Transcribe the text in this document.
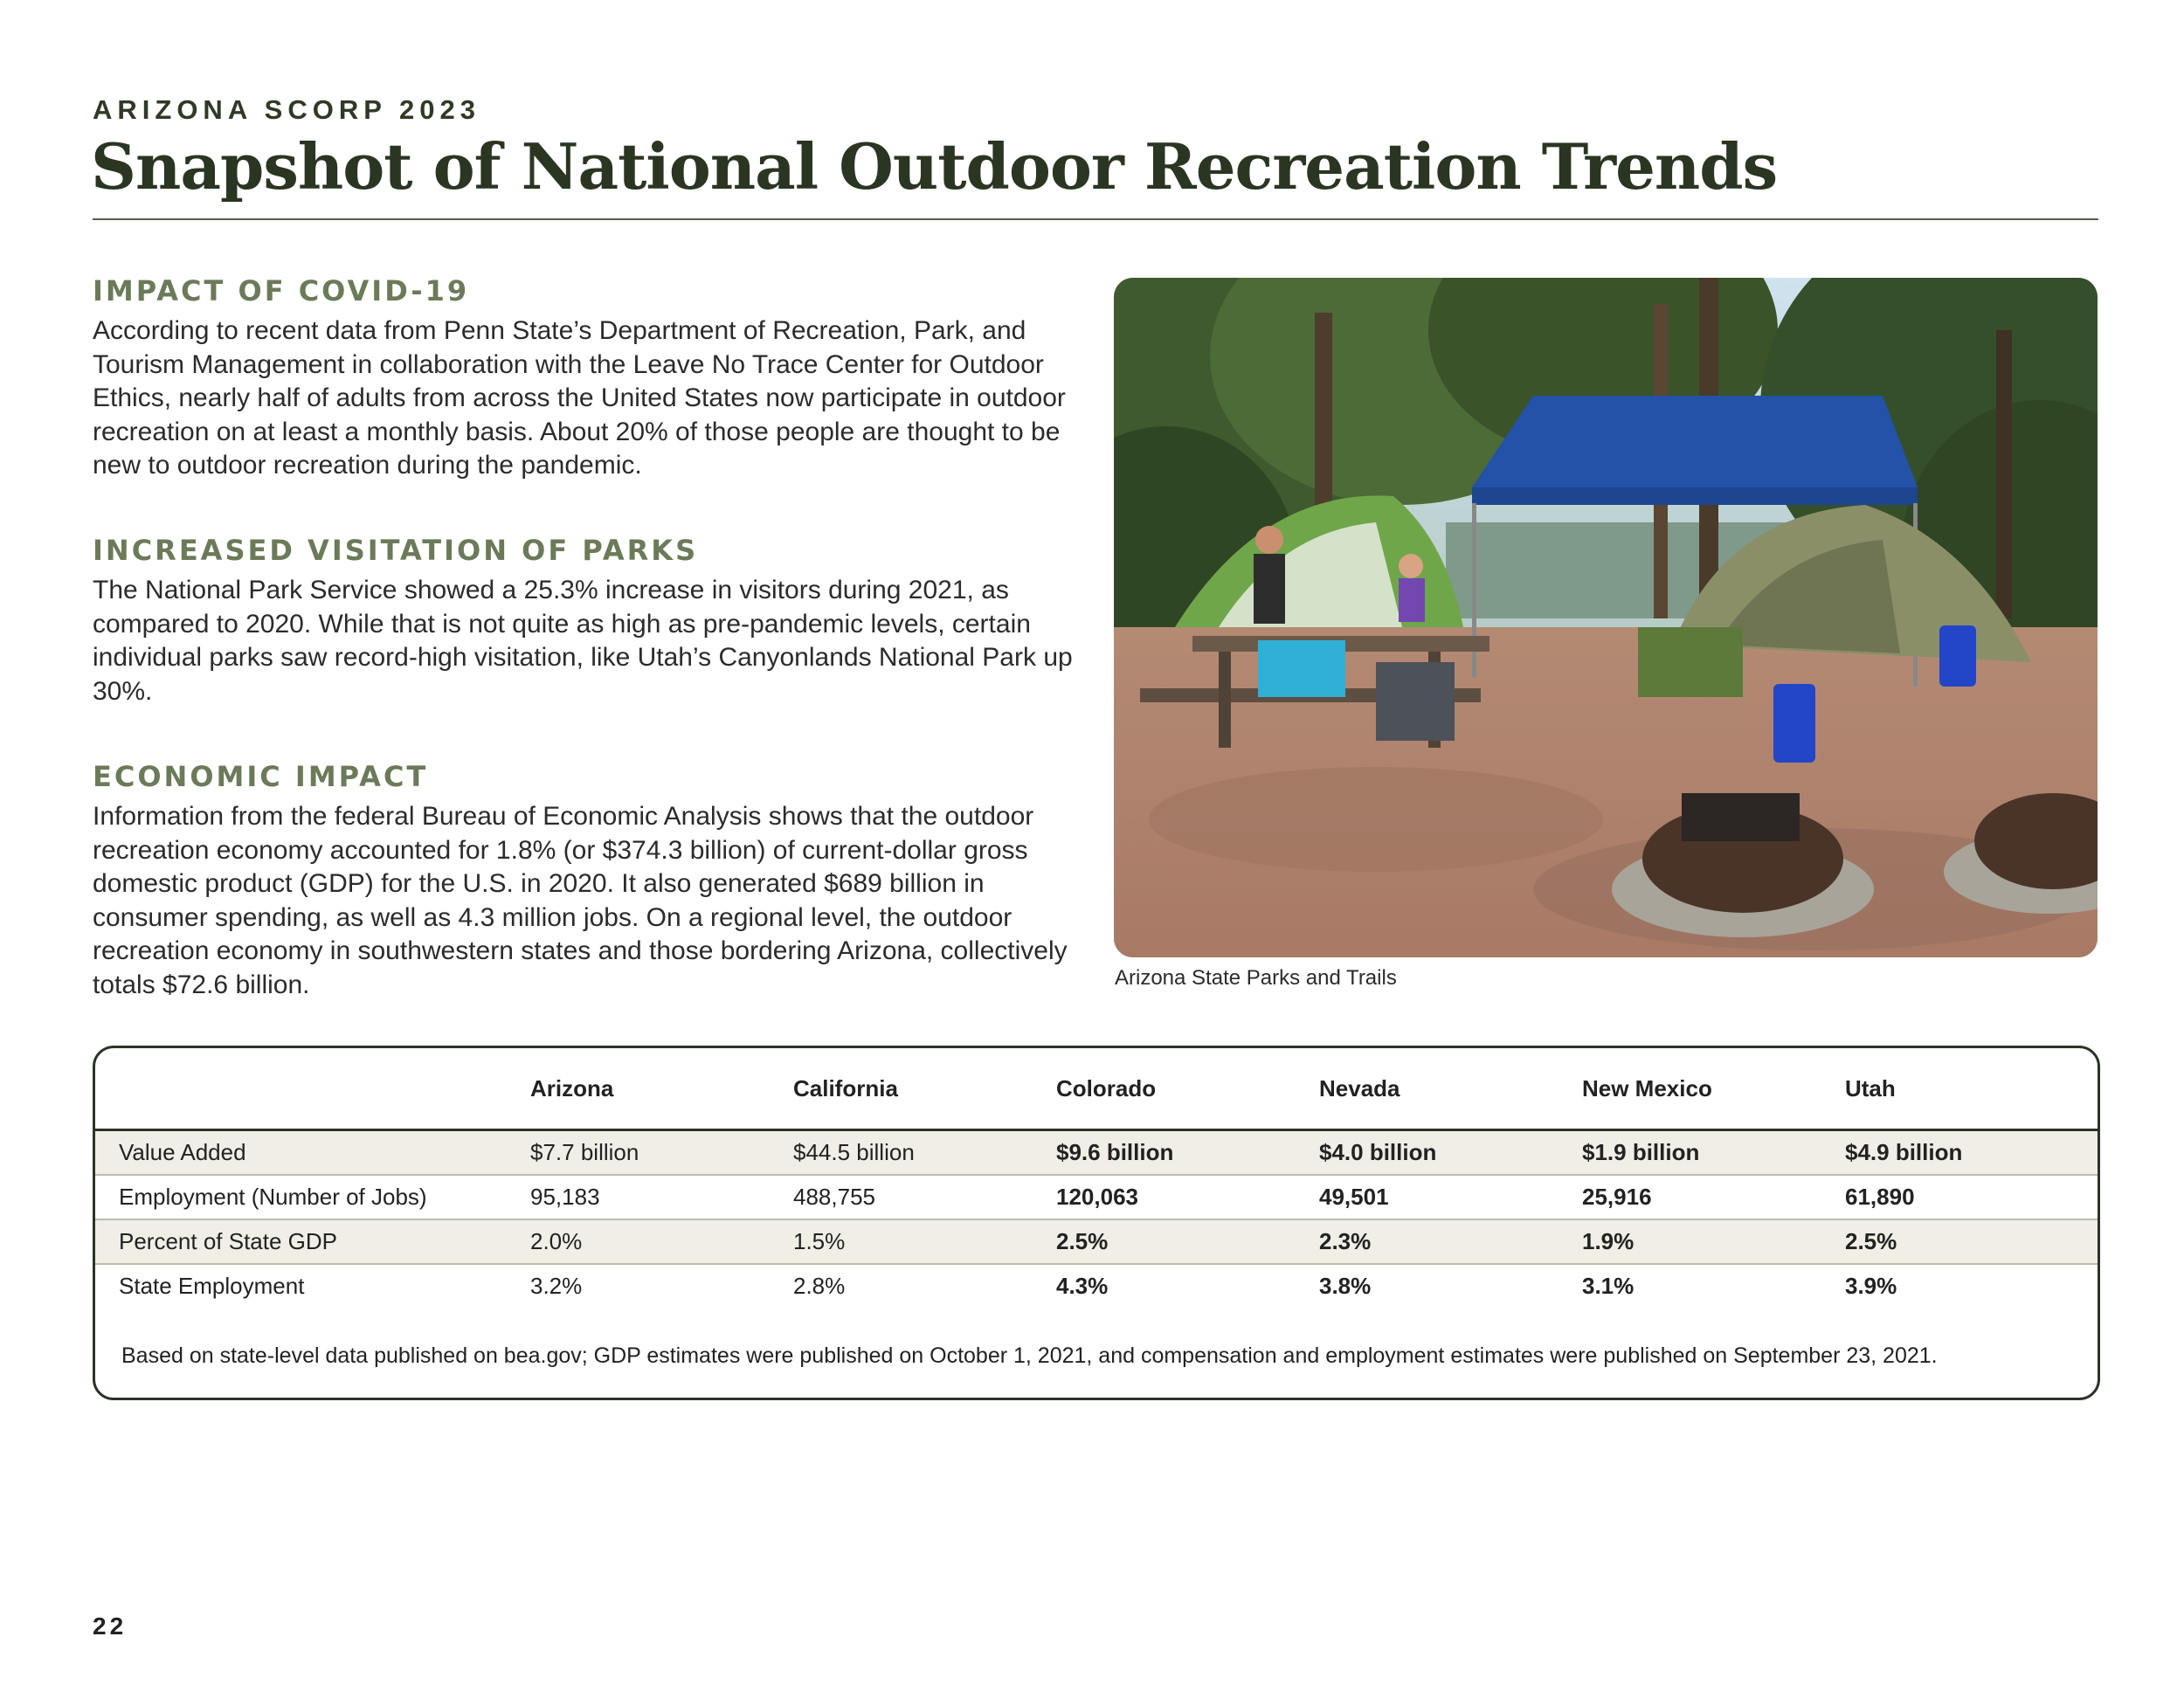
ARIZONA SCORP 2023
Snapshot of National Outdoor Recreation Trends
IMPACT OF COVID-19

According to recent data from Penn State’s Department of Recreation, Park, and Tourism Management in collaboration with the Leave No Trace Center for Outdoor Ethics, nearly half of adults from across the United States now participate in outdoor recreation on at least a monthly basis. About 20% of those people are thought to be new to outdoor recreation during the pandemic.

INCREASED VISITATION OF PARKS

The National Park Service showed a 25.3% increase in visitors during 2021, as compared to 2020. While that is not quite as high as pre-pandemic levels, certain individual parks saw record-high visitation, like Utah’s Canyonlands National Park up 30%.

ECONOMIC IMPACT

Information from the federal Bureau of Economic Analysis shows that the outdoor recreation economy accounted for 1.8% (or $374.3 billion) of current-dollar gross domestic product (GDP) for the U.S. in 2020. It also generated $689 billion in consumer spending, as well as 4.3 million jobs. On a regional level, the outdoor recreation economy in southwestern states and those bordering Arizona, collectively totals $72.6 billion.	Arizona State Parks and Trails
	Arizona	California	Colorado	Nevada	New Mexico	Utah
Value Added	$7.7 billion	$44.5 billion	$9.6 billion	$4.0 billion	$1.9 billion	$4.9 billion
Employment (Number of Jobs)	95,183	488,755	120,063	49,501	25,916	61,890
Percent of State GDP	2.0%	1.5%	2.5%	2.3%	1.9%	2.5%
State Employment	3.2%	2.8%	4.3%	3.8%	3.1%	3.9%
Based on state-level data published on bea.gov; GDP estimates were published on October 1, 2021, and compensation and employment estimates were published on September 23, 2021.
22
